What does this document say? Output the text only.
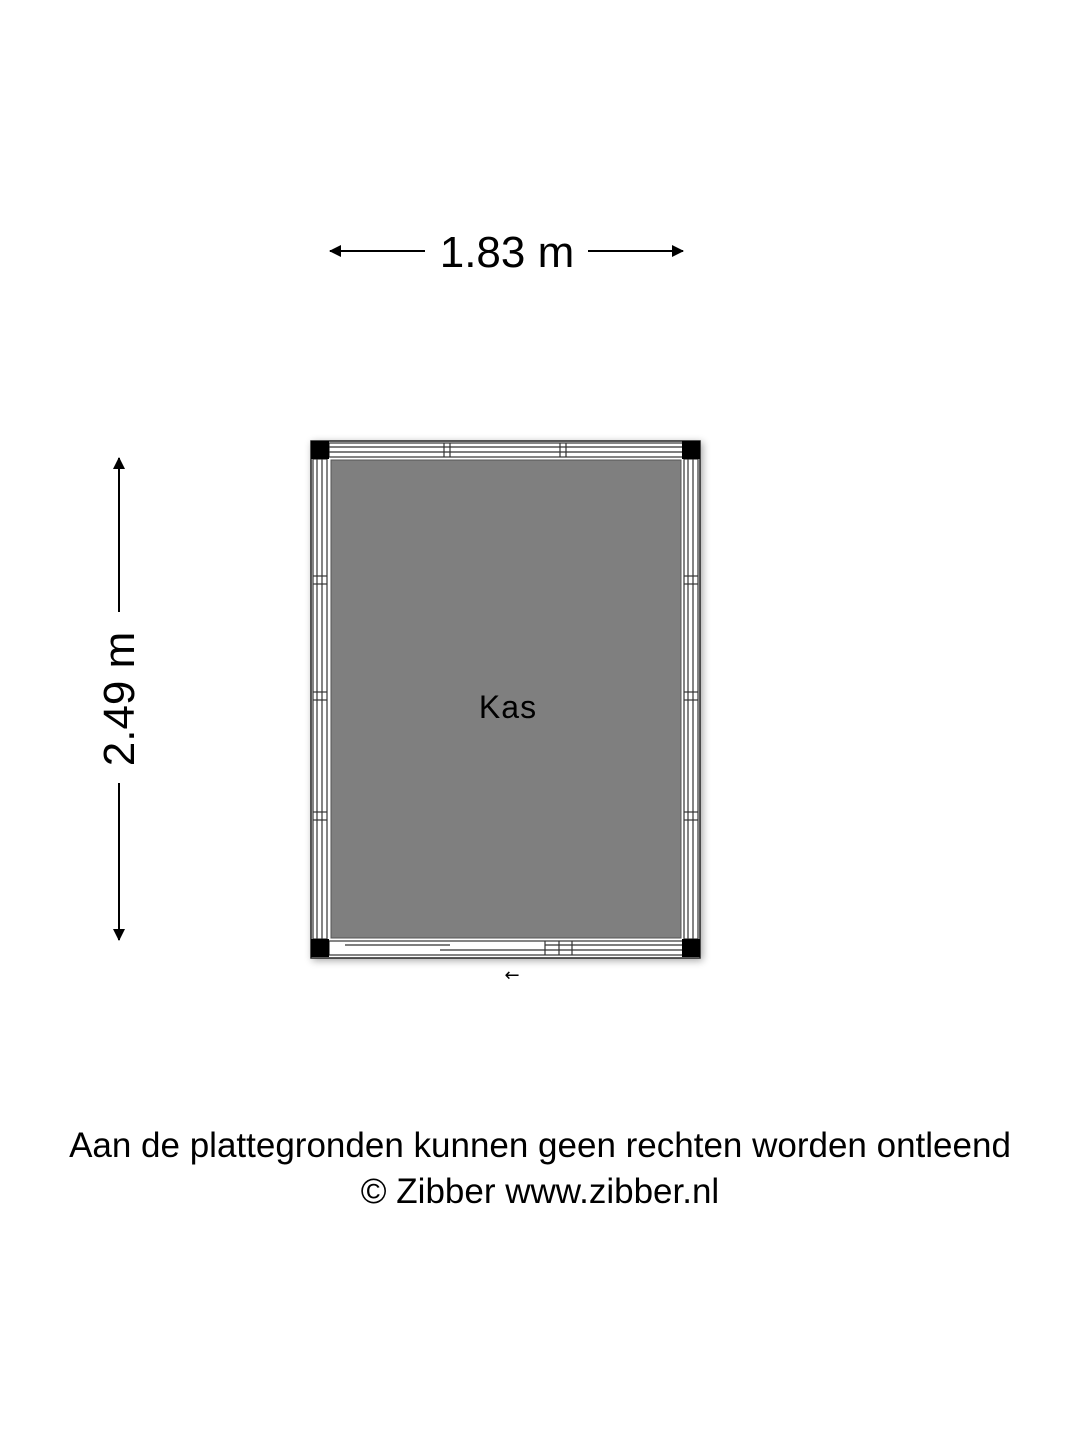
1.83 m
2.49 m	Kas
←
Aan de plattegronden kunnen geen rechten worden ontleend
© Zibber www.zibber.nl
